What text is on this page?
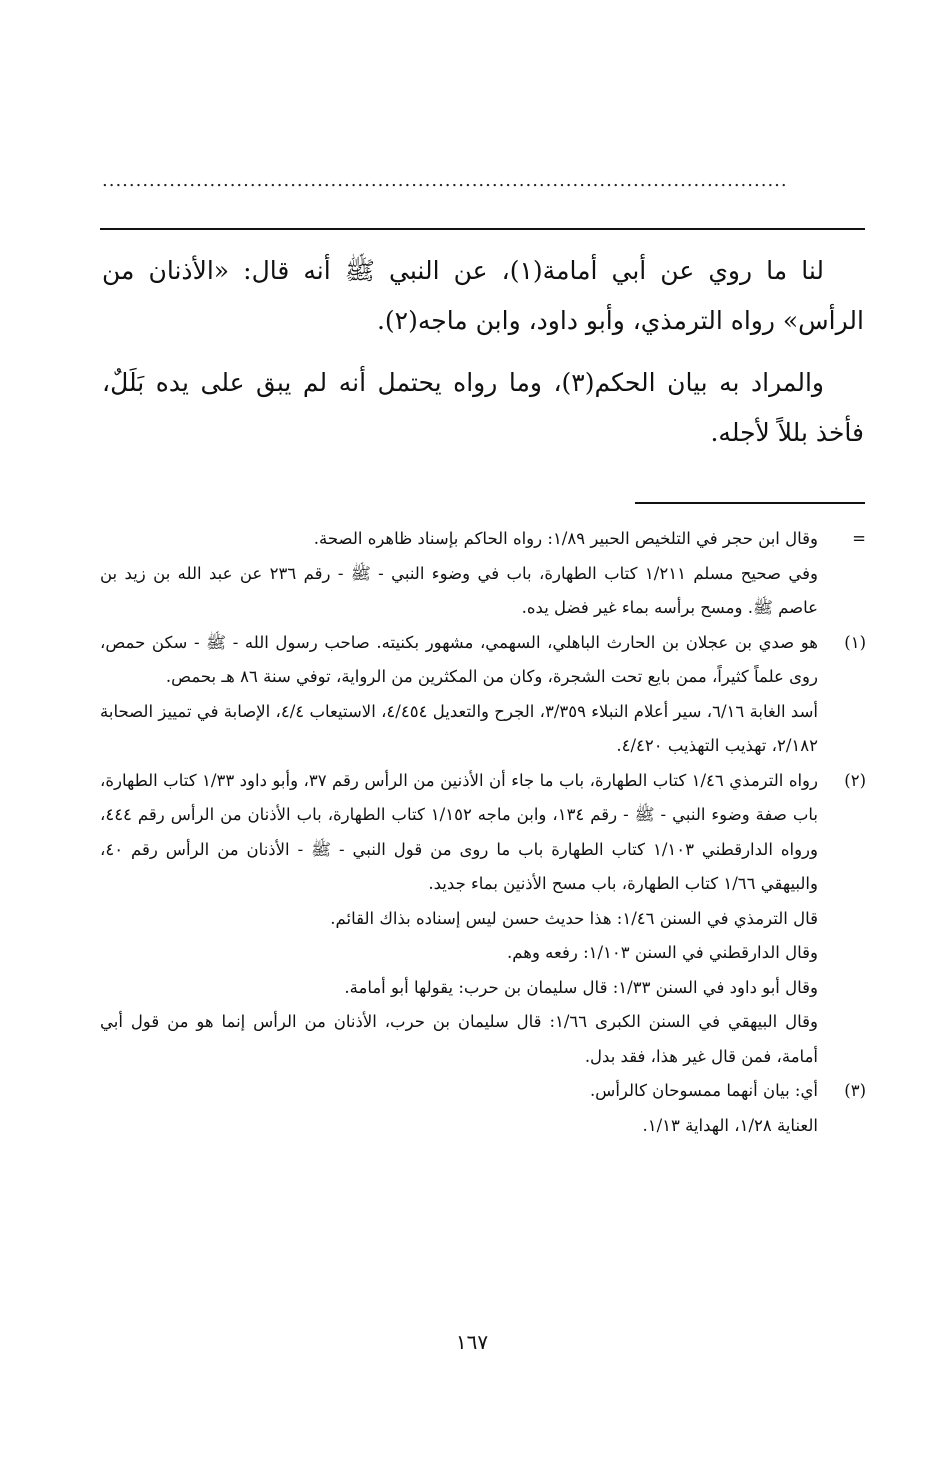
......................................................................................................

لنا ما روي عن أبي أمامة(١)، عن النبي ﷺ أنه قال: «الأذنان من الرأس» رواه الترمذي، وأبو داود، وابن ماجه(٢).

والمراد به بيان الحكم(٣)، وما رواه يحتمل أنه لم يبق على يده بَلَلٌ، فأخذ بللاً لأجله.

=

وقال ابن حجر في التلخيص الحبير ١/٨٩: رواه الحاكم بإسناد ظاهره الصحة.

وفي صحيح مسلم ١/٢١١ كتاب الطهارة، باب في وضوء النبي - ﷺ - رقم ٢٣٦ عن عبد الله بن زيد بن عاصم ﷺ. ومسح برأسه بماء غير فضل يده.

(١)

هو صدي بن عجلان بن الحارث الباهلي، السهمي، مشهور بكنيته. صاحب رسول الله - ﷺ - سكن حمص، روى علماً كثيراً، ممن بايع تحت الشجرة، وكان من المكثرين من الرواية، توفي سنة ٨٦ هـ بحمص.

أسد الغابة ٦/١٦، سير أعلام النبلاء ٣/٣٥٩، الجرح والتعديل ٤/٤٥٤، الاستيعاب ٤/٤، الإصابة في تمييز الصحابة ٢/١٨٢، تهذيب التهذيب ٤/٤٢٠.

(٢)

رواه الترمذي ١/٤٦ كتاب الطهارة، باب ما جاء أن الأذنين من الرأس رقم ٣٧، وأبو داود ١/٣٣ كتاب الطهارة، باب صفة وضوء النبي - ﷺ - رقم ١٣٤، وابن ماجه ١/١٥٢ كتاب الطهارة، باب الأذنان من الرأس رقم ٤٤٤، ورواه الدارقطني ١/١٠٣ كتاب الطهارة باب ما روى من قول النبي - ﷺ - الأذنان من الرأس رقم ٤٠، والبيهقي ١/٦٦ كتاب الطهارة، باب مسح الأذنين بماء جديد.

قال الترمذي في السنن ١/٤٦: هذا حديث حسن ليس إسناده بذاك القائم.

وقال الدارقطني في السنن ١/١٠٣: رفعه وهم.

وقال أبو داود في السنن ١/٣٣: قال سليمان بن حرب: يقولها أبو أمامة.

وقال البيهقي في السنن الكبرى ١/٦٦: قال سليمان بن حرب، الأذنان من الرأس إنما هو من قول أبي أمامة، فمن قال غير هذا، فقد بدل.

(٣)

أي: بيان أنهما ممسوحان كالرأس.

العناية ١/٢٨، الهداية ١/١٣.

١٦٧
